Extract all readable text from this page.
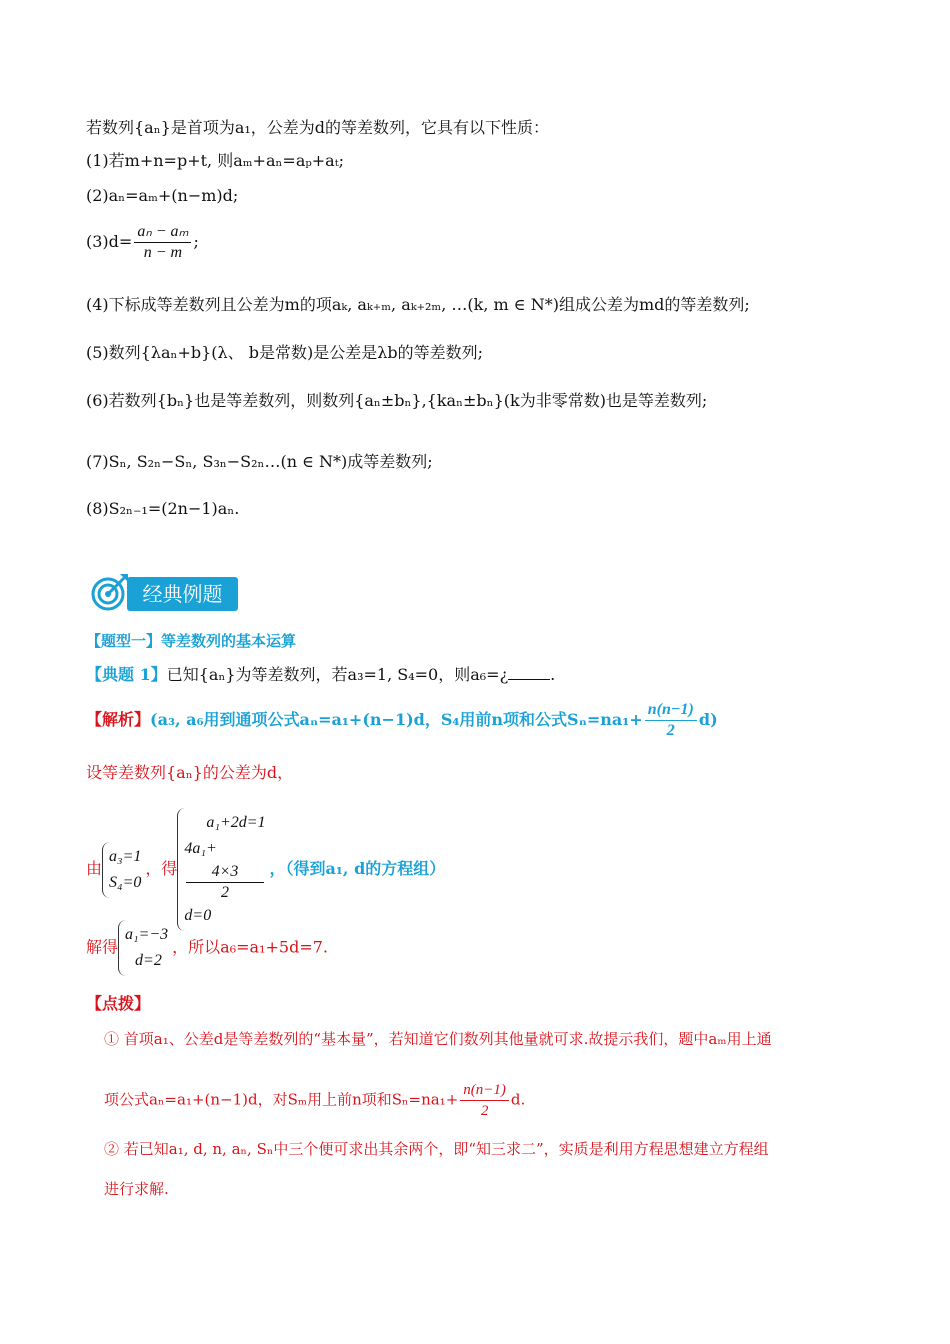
若数列{aₙ}是首项为a₁，公差为d的等差数列，它具有以下性质：
(1)若m+n=p+t, 则aₘ+aₙ=aₚ+aₜ;
(2)aₙ=aₘ+(n−m)d;
$(3)d= \frac{\text{aₙ − aₘ}}{n - m}$ ;
(4)下标成等差数列且公差为m的项aₖ, aₖ₊ₘ, aₖ₊₂ₘ, …(k, m ∈ N*)组成公差为md的等差数列;
(5)数列{λaₙ+b}(λ、 b是常数)是公差是λb的等差数列;
(6)若数列{bₙ}也是等差数列，则数列{aₙ±bₙ},{kaₙ±bₙ}(k为非零常数)也是等差数列;
(7)Sₙ, S₂ₙ−Sₙ, S₃ₙ−S₂ₙ…(n ∈ N*)成等差数列;
(8)S₂ₙ₋₁=(2n−1)aₙ.
经典例题
【题型一】等差数列的基本运算
【典题 1】已知{aₙ}为等差数列，若a₃=1, S₄=0，则a₆=¿	.
【解析】(a₃, a₆用到通项公式aₙ=a₁+(n−1)d，S₄用前n项和公式$S_n=na_1+ \frac{n(n-1)}{2} d$)
设等差数列{aₙ}的公差为d，
由
a₃=1
S₄=0
，得
a₁+2d=1
4a₁+
4×3
2
d=0
，（得到a₁, d的方程组）
解得
a₁=−3
d=2
，所以a₆=a₁+5d=7.
【点拨】
① 首项a₁、公差d是等差数列的“基本量”，若知道它们数列其他量就可求.故提示我们，题中aₘ用上通
项公式aₙ=a₁+(n−1)d，对Sₘ用上前n项和$S_n=na_1+ \frac{n(n-1)}{2} d$.
② 若已知a₁, d, n, aₙ, Sₙ中三个便可求出其余两个，即“知三求二”，实质是利用方程思想建立方程组
进行求解.
